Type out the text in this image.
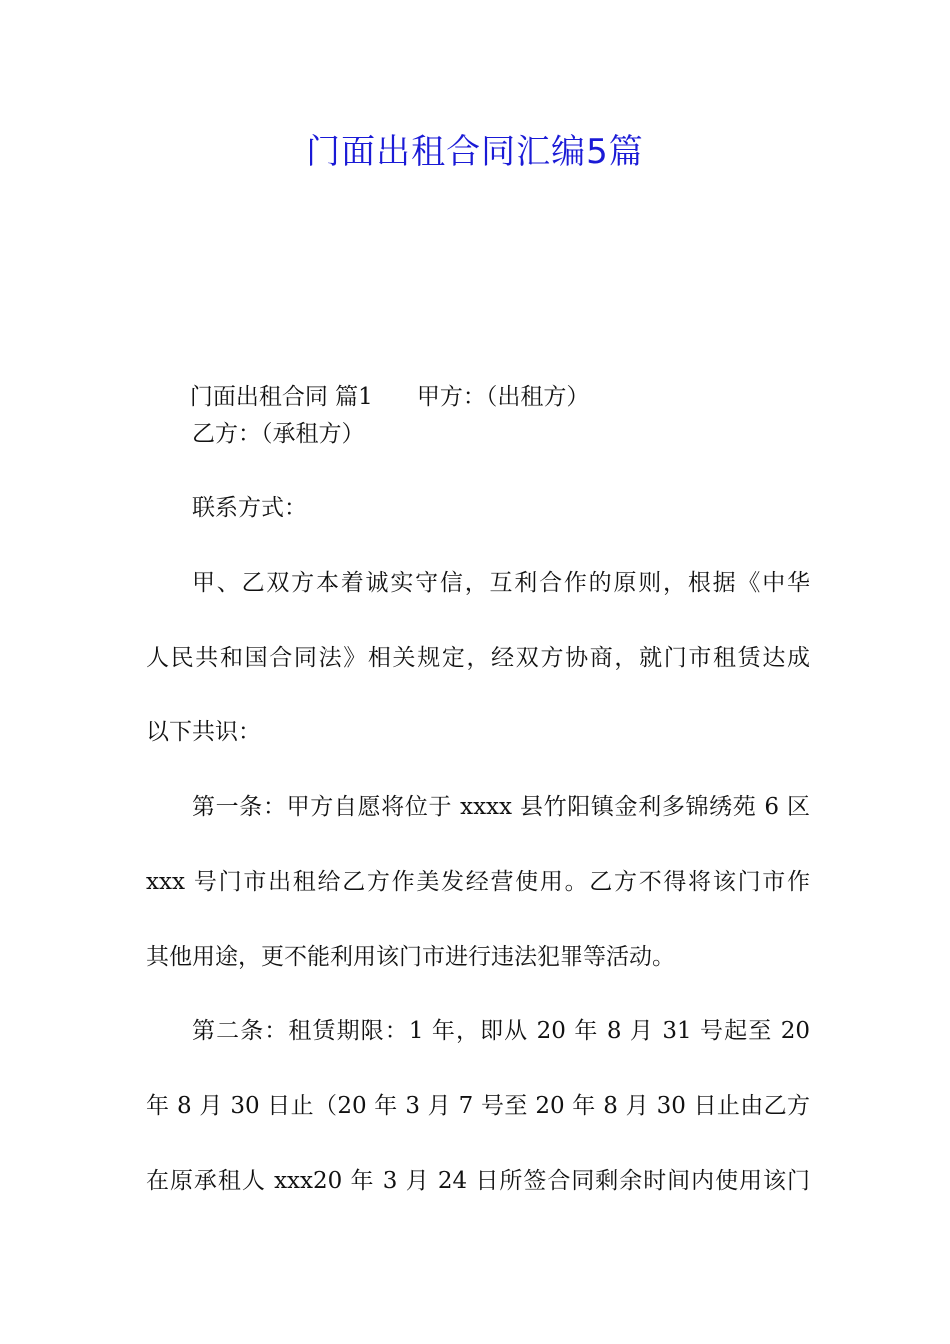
门面出租合同汇编5篇

门面出租合同 篇1 甲方：（出租方）

乙方：（承租方）
联系方式：
甲、乙双方本着诚实守信，互利合作的原则，根据《中华
人民共和国合同法》相关规定，经双方协商，就门市租赁达成
以下共识：
第一条：甲方自愿将位于 xxxx 县竹阳镇金利多锦绣苑 6 区
xxx 号门市出租给乙方作美发经营使用。乙方不得将该门市作
其他用途，更不能利用该门市进行违法犯罪等活动。
第二条：租赁期限：1 年，即从 20 年 8 月 31 号起至 20
年 8 月 30 日止（20 年 3 月 7 号至 20 年 8 月 30 日止由乙方
在原承租人 xxx20 年 3 月 24 日所签合同剩余时间内使用该门
